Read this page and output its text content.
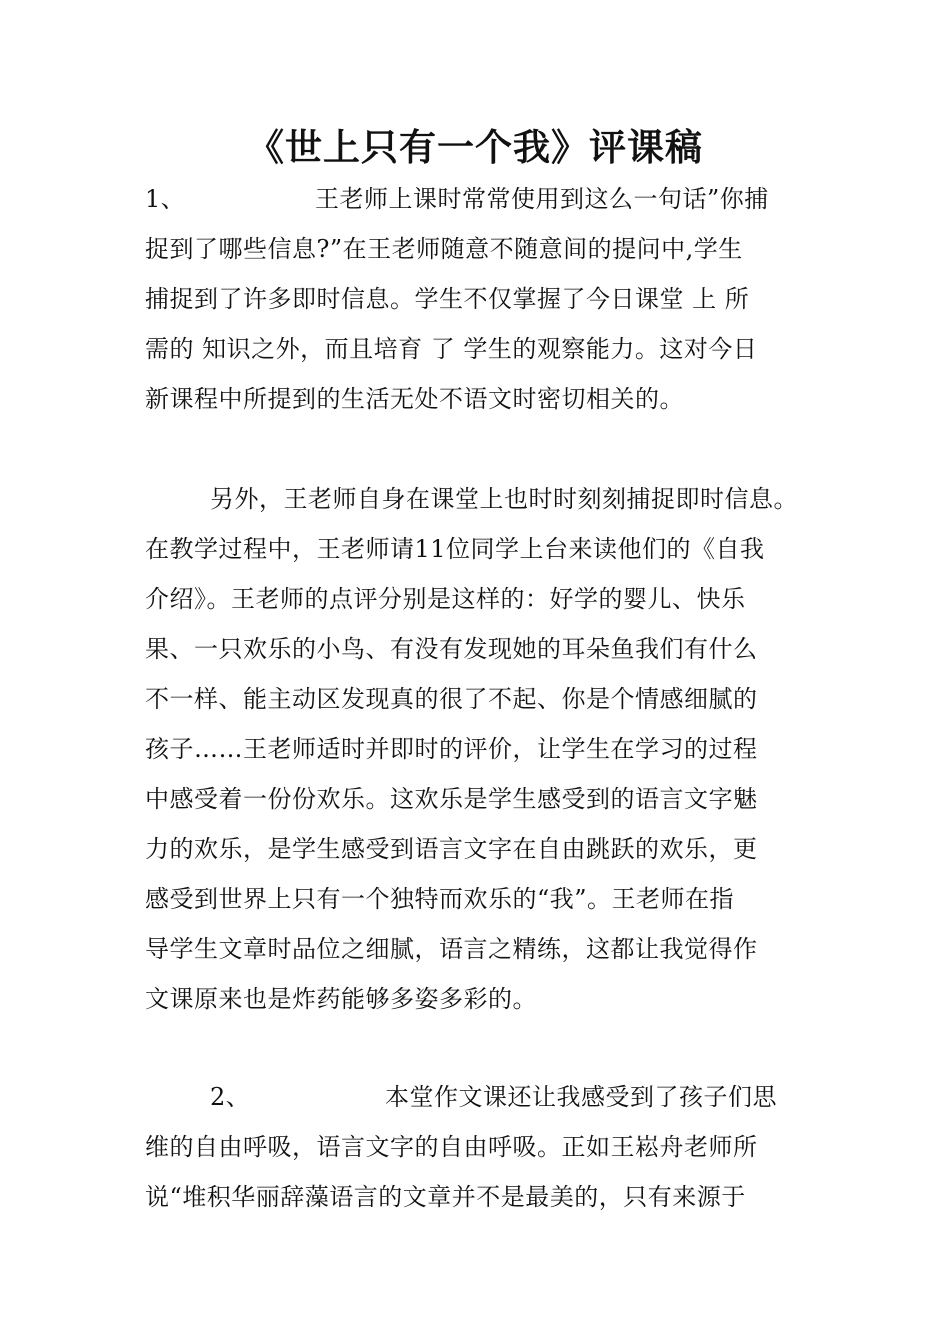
《世上只有一个我》评课稿
1、	王老师上课时常常使用到这么一句话”你捕
捉到了哪些信息?”在王老师随意不随意间的提问中,学生
捕捉到了许多即时信息。学生不仅掌握了今日课堂 上 所
需的 知识之外，而且培育 了 学生的观察能力。这对今日
新课程中所提到的生活无处不语文时密切相关的。
另外，王老师自身在课堂上也时时刻刻捕捉即时信息。
在教学过程中，王老师请11位同学上台来读他们的《自我
介绍》。王老师的点评分别是这样的：好学的婴儿、快乐
果、一只欢乐的小鸟、有没有发现她的耳朵鱼我们有什么
不一样、能主动区发现真的很了不起、你是个情感细腻的
孩子……王老师适时并即时的评价，让学生在学习的过程
中感受着一份份欢乐。这欢乐是学生感受到的语言文字魅
力的欢乐，是学生感受到语言文字在自由跳跃的欢乐，更
感受到世界上只有一个独特而欢乐的“我”。王老师在指
导学生文章时品位之细腻，语言之精练，这都让我觉得作
文课原来也是炸药能够多姿多彩的。
2、	本堂作文课还让我感受到了孩子们思
维的自由呼吸，语言文字的自由呼吸。正如王崧舟老师所
说“堆积华丽辞藻语言的文章并不是最美的，只有来源于
